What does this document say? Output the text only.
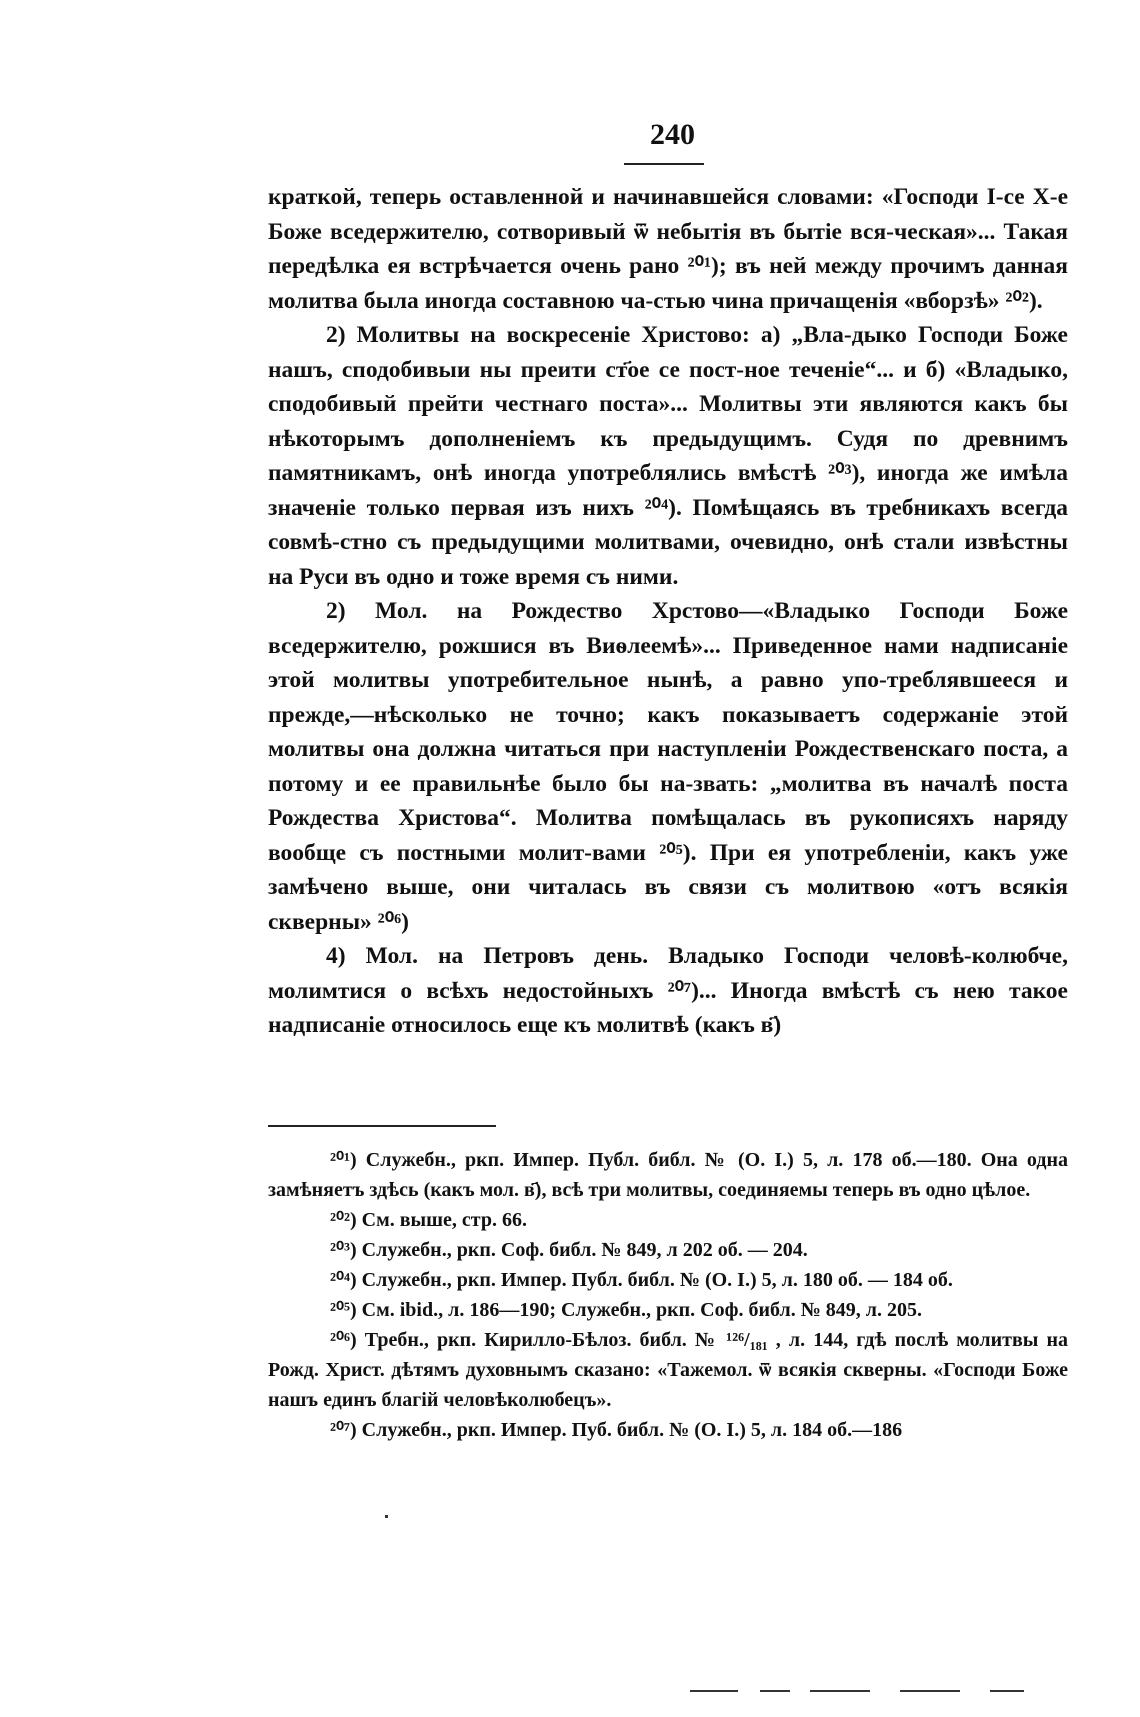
240

краткой, теперь оставленной и начинавшейся словами: «Господи І-се Х-е Боже вседержителю, сотворивый ѿ небытія въ бытіе вся-ческая»... Такая передѣлка ея встрѣчается очень рано ²⁰¹); въ ней между прочимъ данная молитва была иногда составною ча-стью чина причащенія «вборзѣ» ²⁰²).

2) Молитвы на воскресеніе Христово: а) „Вла-дыко Господи Боже нашъ, сподобивыи ны преити ст҃ое се пост-ное теченіе“... и б) «Владыко, сподобивый прейти честнаго поста»... Молитвы эти являются какъ бы нѣкоторымъ дополненіемъ къ предыдущимъ. Судя по древнимъ памятникамъ, онѣ иногда употреблялись вмѣстѣ ²⁰³), иногда же имѣла значеніе только первая изъ нихъ ²⁰⁴). Помѣщаясь въ требникахъ всегда совмѣ-стно съ предыдущими молитвами, очевидно, онѣ стали извѣстны на Руси въ одно и тоже время съ ними.

2) Мол. на Рождество Хрстово—«Владыко Господи Боже вседержителю, рожшися въ Виѳлеемѣ»... Приведенное нами надписаніе этой молитвы употребительное нынѣ, а равно упо-треблявшееся и прежде,—нѣсколько не точно; какъ показываетъ содержаніе этой молитвы она должна читаться при наступленіи Рождественскаго поста, а потому и ее правильнѣе было бы на-звать: „молитва въ началѣ поста Рождества Христова“. Молитва помѣщалась въ рукописяхъ наряду вообще съ постными молит-вами ²⁰⁵). При ея употребленіи, какъ уже замѣчено выше, они читалась въ связи съ молитвою «отъ всякія скверны» ²⁰⁶)

4) Мол. на Петровъ день. Владыко Господи человѣ-колюбче, молимтися о всѣхъ недостойныхъ ²⁰⁷)... Иногда вмѣстѣ съ нею такое надписаніе относилось еще къ молитвѣ (какъ в҃)

²⁰¹) Служебн., ркп. Импер. Публ. библ. № (О. I.) 5, л. 178 об.—180. Она одна замѣняетъ здѣсь (какъ мол. в҃), всѣ три молитвы, соединяемы теперь въ одно цѣлое.

²⁰²) См. выше, стр. 66.

²⁰³) Служебн., ркп. Соф. библ. № 849, л 202 об. — 204.

²⁰⁴) Служебн., ркп. Импер. Публ. библ. № (О. I.) 5, л. 180 об. — 184 об.

²⁰⁵) См. ibid., л. 186—190; Служебн., ркп. Соф. библ. № 849, л. 205.

²⁰⁶) Требн., ркп. Кирилло-Бѣлоз. библ. № ¹²⁶/₁₈₁ , л. 144, гдѣ послѣ молитвы на Рожд. Христ. дѣтямъ духовнымъ сказано: «Тажемол. ѿ всякія скверны. «Господи Боже нашъ единъ благій человѣколюбецъ».

²⁰⁷) Служебн., ркп. Импер. Пуб. библ. № (О. I.) 5, л. 184 об.—186
